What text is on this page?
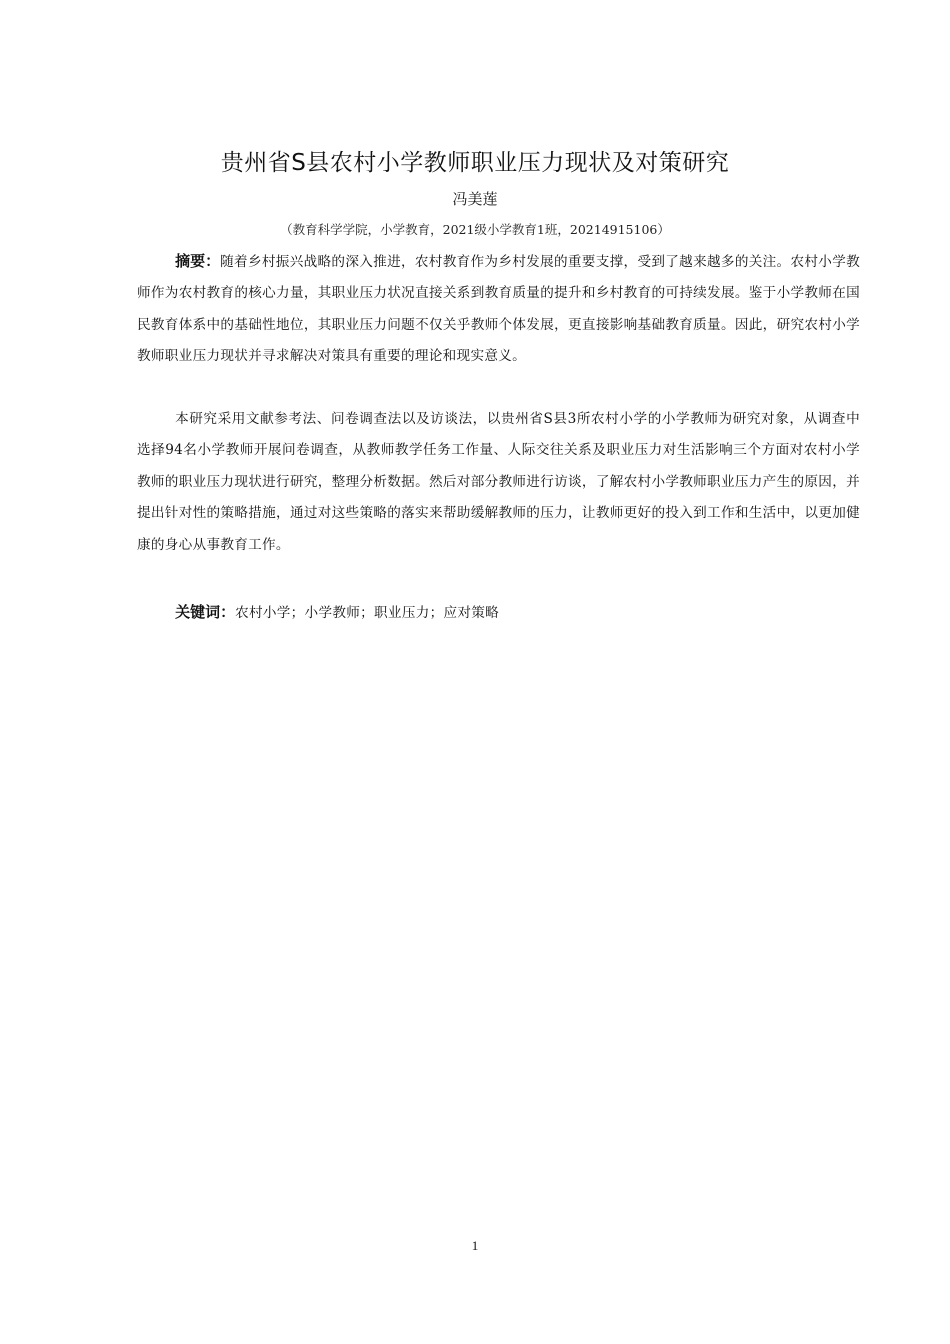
贵州省S县农村小学教师职业压力现状及对策研究
冯美莲
（教育科学学院，小学教育，2021级小学教育1班，20214915106）

摘要：随着乡村振兴战略的深入推进，农村教育作为乡村发展的重要支撑，受到了越来越多的关注。农村小学教师作为农村教育的核心力量，其职业压力状况直接关系到教育质量的提升和乡村教育的可持续发展。鉴于小学教师在国民教育体系中的基础性地位，其职业压力问题不仅关乎教师个体发展，更直接影响基础教育质量。因此，研究农村小学教师职业压力现状并寻求解决对策具有重要的理论和现实意义。

本研究采用文献参考法、问卷调查法以及访谈法，以贵州省S县3所农村小学的小学教师为研究对象，从调查中选择94名小学教师开展问卷调查，从教师教学任务工作量、人际交往关系及职业压力对生活影响三个方面对农村小学教师的职业压力现状进行研究，整理分析数据。然后对部分教师进行访谈，了解农村小学教师职业压力产生的原因，并提出针对性的策略措施，通过对这些策略的落实来帮助缓解教师的压力，让教师更好的投入到工作和生活中，以更加健康的身心从事教育工作。

关键词：农村小学；小学教师；职业压力；应对策略

1
